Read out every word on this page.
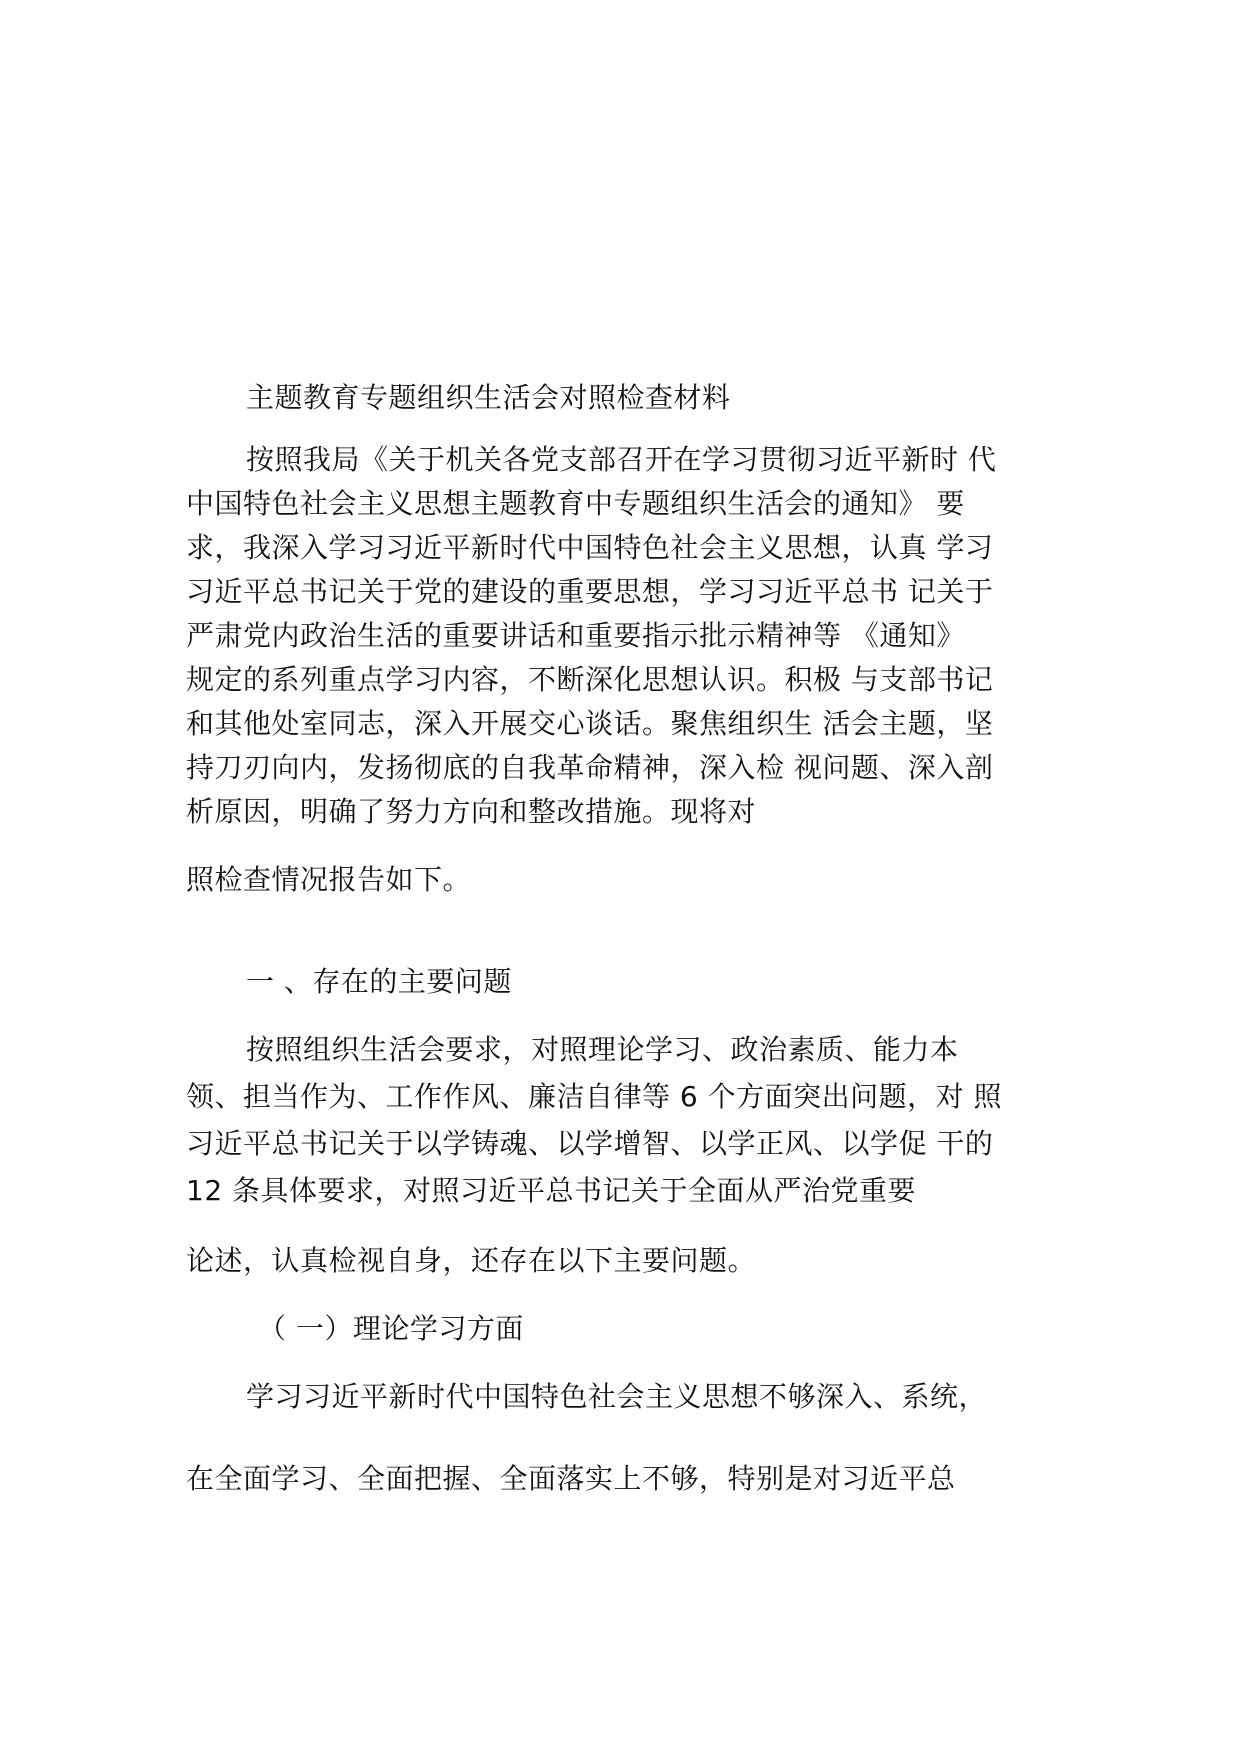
主题教育专题组织生活会对照检查材料
按照我局《关于机关各党支部召开在学习贯彻习近平新时 代
中国特色社会主义思想主题教育中专题组织生活会的通知》 要
求，我深入学习习近平新时代中国特色社会主义思想，认真 学习
习近平总书记关于党的建设的重要思想，学习习近平总书 记关于
严肃党内政治生活的重要讲话和重要指示批示精神等 《通知》
规定的系列重点学习内容，不断深化思想认识。积极 与支部书记
和其他处室同志，深入开展交心谈话。聚焦组织生 活会主题，坚
持刀刃向内，发扬彻底的自我革命精神，深入检 视问题、深入剖
析原因，明确了努力方向和整改措施。现将对
照检查情况报告如下。
一 、存在的主要问题
按照组织生活会要求，对照理论学习、政治素质、能力本
领、担当作为、工作作风、廉洁自律等 6 个方面突出问题，对 照
习近平总书记关于以学铸魂、以学增智、以学正风、以学促 干的
12 条具体要求，对照习近平总书记关于全面从严治党重要
论述，认真检视自身，还存在以下主要问题。
（ 一）理论学习方面
学习习近平新时代中国特色社会主义思想不够深入、系统，
在全面学习、全面把握、全面落实上不够，特别是对习近平总
